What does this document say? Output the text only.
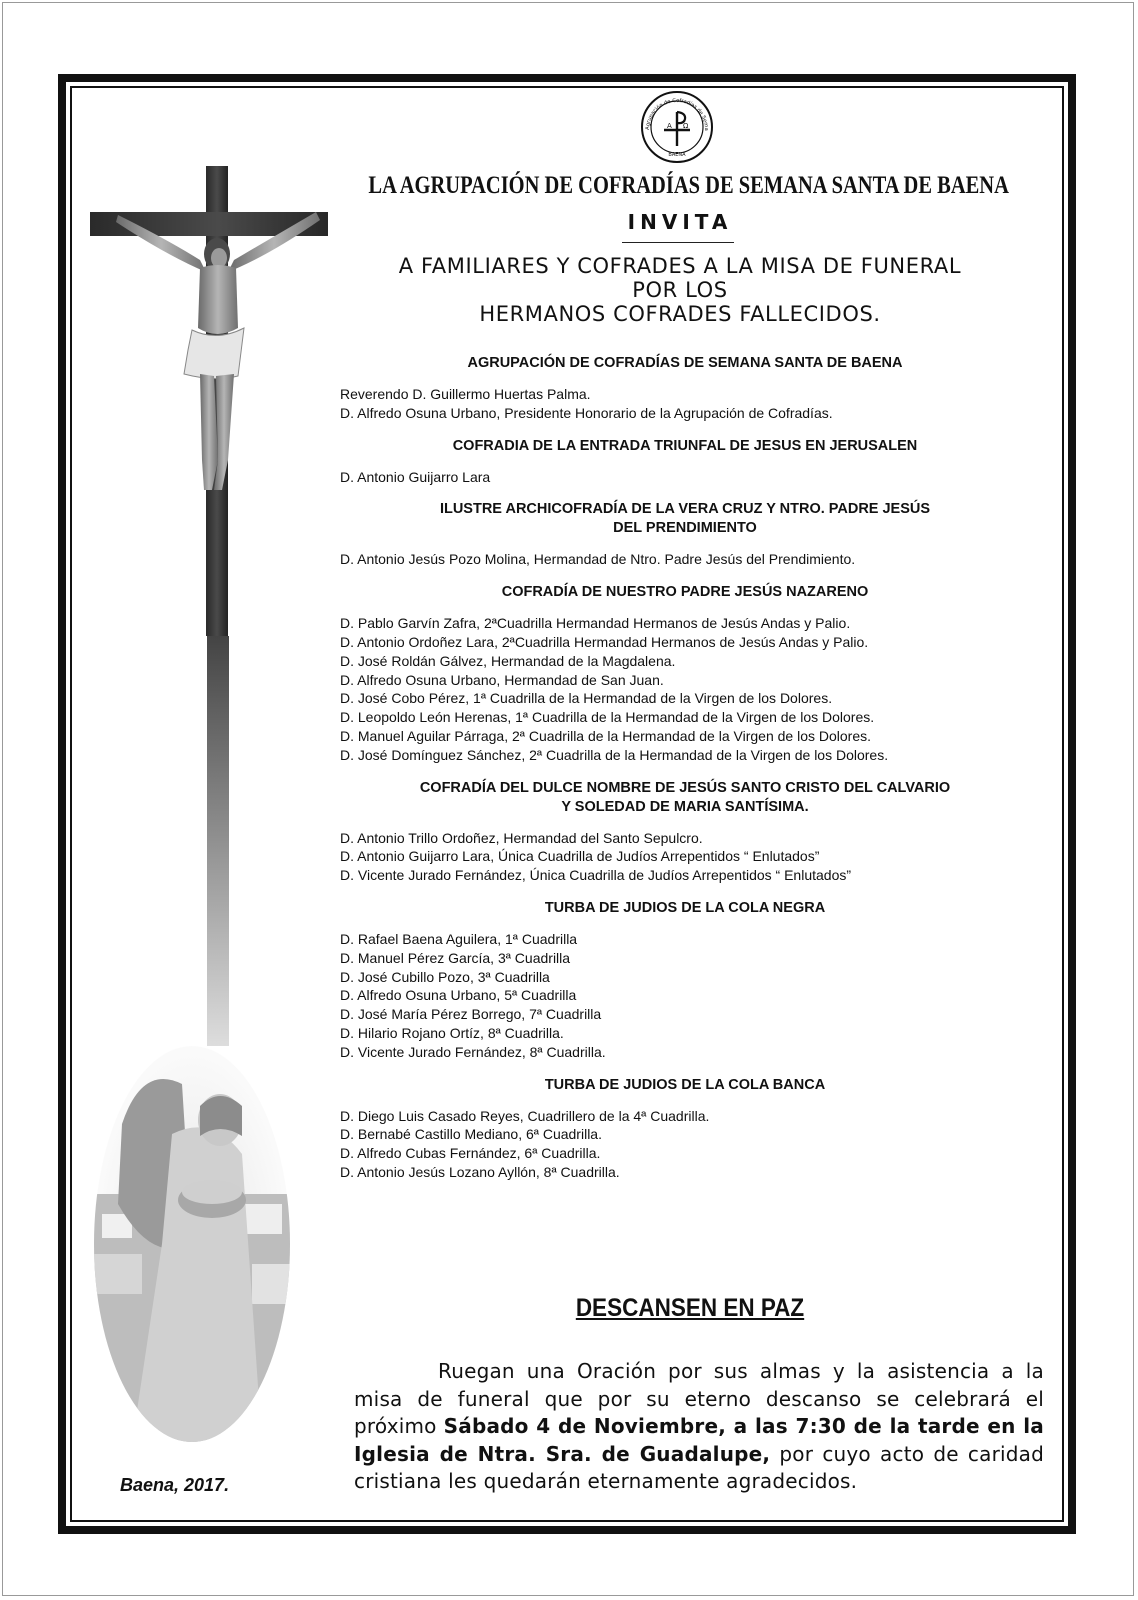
Agrupación de Cofradías de Sema
BAENA
A Ω
LA AGRUPACIÓN DE COFRADÍAS DE SEMANA SANTA DE BAENA
INVITA
A FAMILIARES Y COFRADES A LA MISA DE FUNERAL
POR LOS
HERMANOS COFRADES FALLECIDOS.
AGRUPACIÓN DE COFRADÍAS DE SEMANA SANTA DE BAENA
Reverendo D. Guillermo Huertas Palma.
D. Alfredo Osuna Urbano, Presidente Honorario de la Agrupación de Cofradías.
COFRADIA DE LA ENTRADA TRIUNFAL DE JESUS EN JERUSALEN
D. Antonio Guijarro Lara
ILUSTRE ARCHICOFRADÍA DE LA VERA CRUZ Y NTRO. PADRE JESÚS
DEL PRENDIMIENTO
D. Antonio Jesús Pozo Molina, Hermandad de Ntro. Padre Jesús del Prendimiento.
COFRADÍA DE NUESTRO PADRE JESÚS NAZARENO
D. Pablo Garvín Zafra, 2ªCuadrilla Hermandad Hermanos de Jesús Andas y Palio.
D. Antonio Ordoñez Lara, 2ªCuadrilla Hermandad Hermanos de Jesús Andas y Palio.
D. José Roldán Gálvez, Hermandad de la Magdalena.
D. Alfredo Osuna Urbano, Hermandad de San Juan.
D. José Cobo Pérez, 1ª Cuadrilla de la Hermandad de la Virgen de los Dolores.
D. Leopoldo León Herenas, 1ª Cuadrilla de la Hermandad de la Virgen de los Dolores.
D. Manuel Aguilar Párraga, 2ª Cuadrilla de la Hermandad de la Virgen de los Dolores.
D. José Domínguez Sánchez, 2ª Cuadrilla de la Hermandad de la Virgen de los Dolores.
COFRADÍA DEL DULCE NOMBRE DE JESÚS SANTO CRISTO DEL CALVARIO
Y SOLEDAD DE MARIA SANTÍSIMA.
D. Antonio Trillo Ordoñez, Hermandad del Santo Sepulcro.
D. Antonio Guijarro Lara, Única Cuadrilla de Judíos Arrepentidos “ Enlutados”
D. Vicente Jurado Fernández, Única Cuadrilla de Judíos Arrepentidos “ Enlutados”
TURBA DE JUDIOS DE LA COLA NEGRA
D. Rafael Baena Aguilera, 1ª Cuadrilla
D. Manuel Pérez García, 3ª Cuadrilla
D. José Cubillo Pozo, 3ª Cuadrilla
D. Alfredo Osuna Urbano, 5ª Cuadrilla
D. José María Pérez Borrego, 7ª Cuadrilla
D. Hilario Rojano Ortíz, 8ª Cuadrilla.
D. Vicente Jurado Fernández, 8ª Cuadrilla.
TURBA DE JUDIOS DE LA COLA BANCA
D. Diego Luis Casado Reyes, Cuadrillero de la 4ª Cuadrilla.
D. Bernabé Castillo Mediano, 6ª Cuadrilla.
D. Alfredo Cubas Fernández, 6ª Cuadrilla.
D. Antonio Jesús Lozano Ayllón, 8ª Cuadrilla.
DESCANSEN EN PAZ
Ruegan una Oración por sus almas y la asistencia a la misa de funeral que por su eterno descanso se celebrará el próximo Sábado 4 de Noviembre, a las 7:30 de la tarde en la Iglesia de Ntra. Sra. de Guadalupe, por cuyo acto de caridad cristiana les quedarán eternamente agradecidos.
Baena, 2017.
